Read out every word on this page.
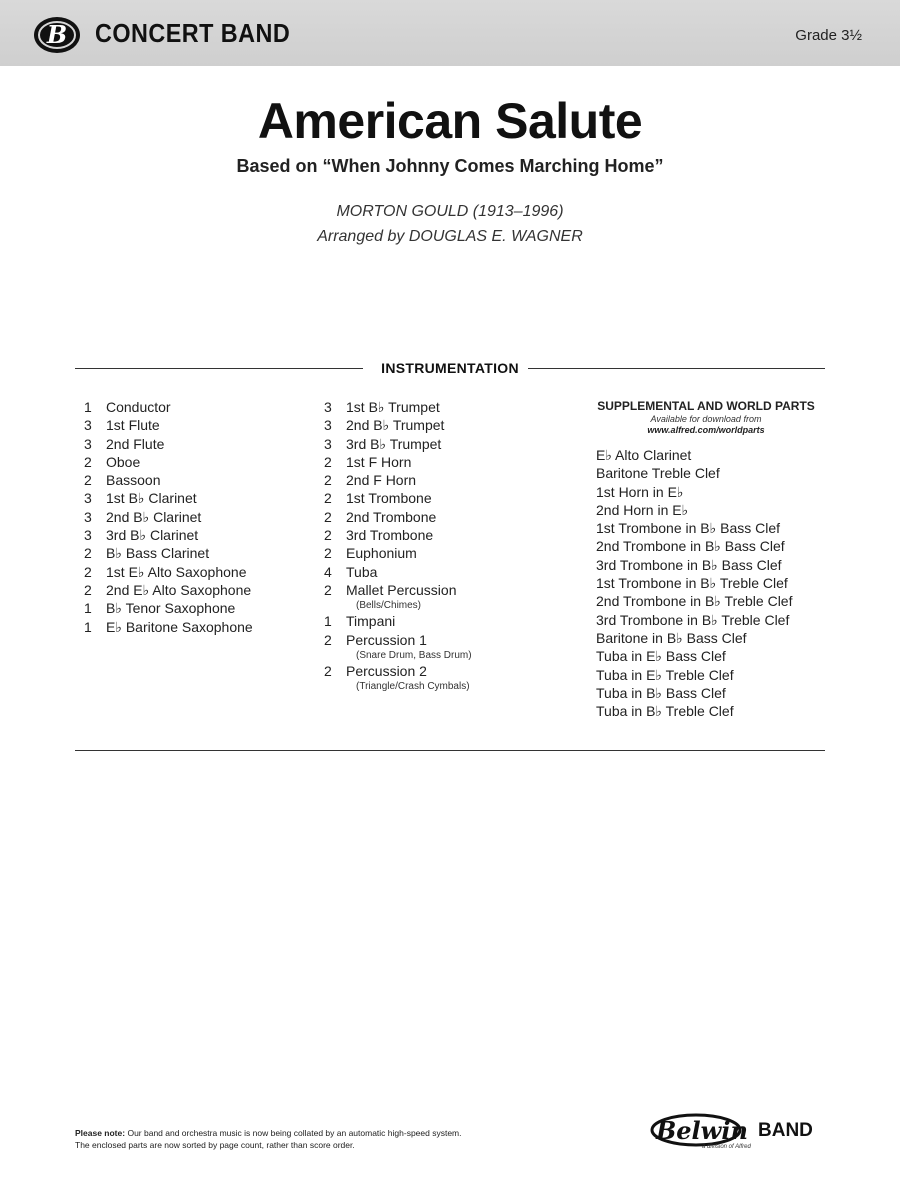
B CONCERT BAND	Grade 3½
American Salute
Based on “When Johnny Comes Marching Home”
MORTON GOULD (1913–1996)
Arranged by DOUGLAS E. WAGNER
INSTRUMENTATION
1	Conductor
3	1st Flute
3	2nd Flute
2	Oboe
2	Bassoon
3	1st B♭ Clarinet
3	2nd B♭ Clarinet
3	3rd B♭ Clarinet
2	B♭ Bass Clarinet
2	1st E♭ Alto Saxophone
2	2nd E♭ Alto Saxophone
1	B♭ Tenor Saxophone
1	E♭ Baritone Saxophone
3	1st B♭ Trumpet
3	2nd B♭ Trumpet
3	3rd B♭ Trumpet
2	1st F Horn
2	2nd F Horn
2	1st Trombone
2	2nd Trombone
2	3rd Trombone
2	Euphonium
4	Tuba
2	Mallet Percussion
(Bells/Chimes)
1	Timpani
2	Percussion 1
(Snare Drum, Bass Drum)
2	Percussion 2
(Triangle/Crash Cymbals)
SUPPLEMENTAL AND WORLD PARTS
Available for download from
www.alfred.com/worldparts
E♭ Alto Clarinet
Baritone Treble Clef
1st Horn in E♭
2nd Horn in E♭
1st Trombone in B♭ Bass Clef
2nd Trombone in B♭ Bass Clef
3rd Trombone in B♭ Bass Clef
1st Trombone in B♭ Treble Clef
2nd Trombone in B♭ Treble Clef
3rd Trombone in B♭ Treble Clef
Baritone in B♭ Bass Clef
Tuba in E♭ Bass Clef
Tuba in E♭ Treble Clef
Tuba in B♭ Bass Clef
Tuba in B♭ Treble Clef
Please note: Our band and orchestra music is now being collated by an automatic high-speed system.
The enclosed parts are now sorted by page count, rather than score order.	Belwin BAND
a division of Alfred
